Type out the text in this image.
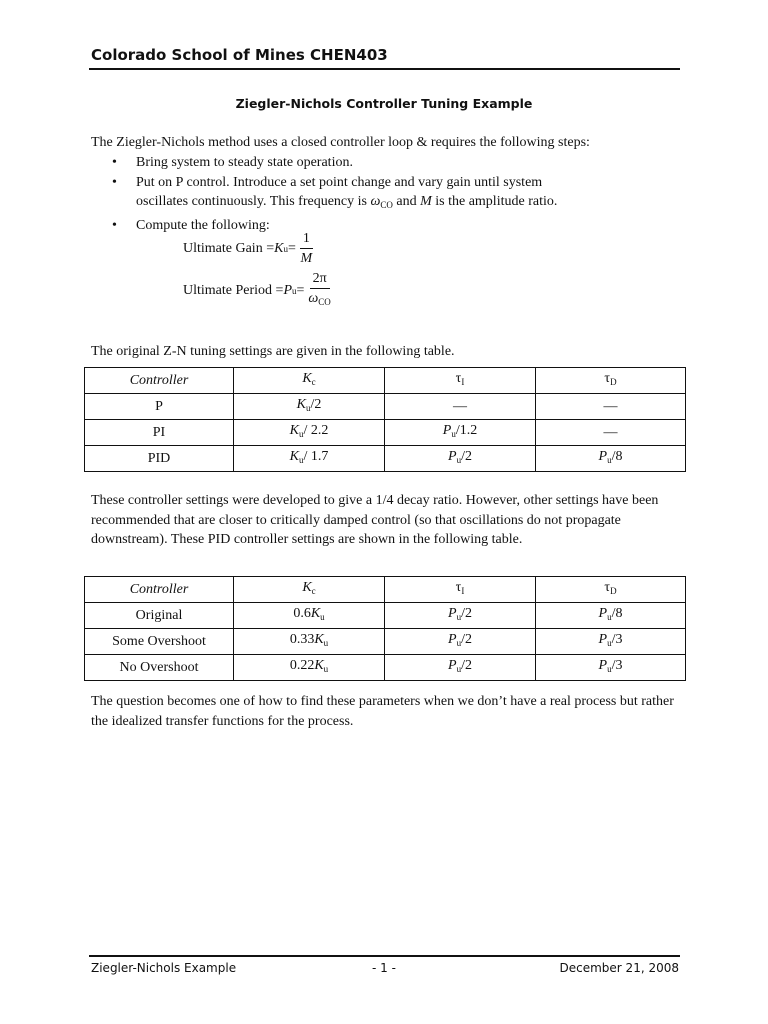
Colorado School of Mines CHEN403
Ziegler-Nichols Controller Tuning Example
The Ziegler-Nichols method uses a closed controller loop & requires the following steps:
• Bring system to steady state operation.
• Put on P control. Introduce a set point change and vary gain until system
oscillates continuously. This frequency is $\omega_{CO}$ and M is the amplitude ratio.
• Compute the following:
Ultimate Gain = K $u = \frac{1}{M}$
Ultimate Period = P $u = \frac{2\pi}{\omega_{CO}}$
The original Z-N tuning settings are given in the following table.
Controller	$K_c$	$\tau_I$	$\tau_D$
P	$K_u/2$	—	—
PI	$K_u/$ 2.2	$P_u/1.2$	—
PID	$K_u/$ 1.7	$P_u/2$	$P_u/8$
These controller settings were developed to give a 1/4 decay ratio. However, other settings have been recommended that are closer to critically damped control (so that oscillations do not propagate downstream). These PID controller settings are shown in the following table.
Controller	$K_c$	$\tau_I$	$\tau_D$
Original	$0.6K_u$	$P_u/2$	$P_u/8$
Some Overshoot	$0.33K_u$	$P_u/2$	$P_u/3$
No Overshoot	$0.22K_u$	$P_u/2$	$P_u/3$
The question becomes one of how to find these parameters when we don’t have a real process but rather the idealized transfer functions for the process.
Ziegler-Nichols Example	- 1 -	December 21, 2008
